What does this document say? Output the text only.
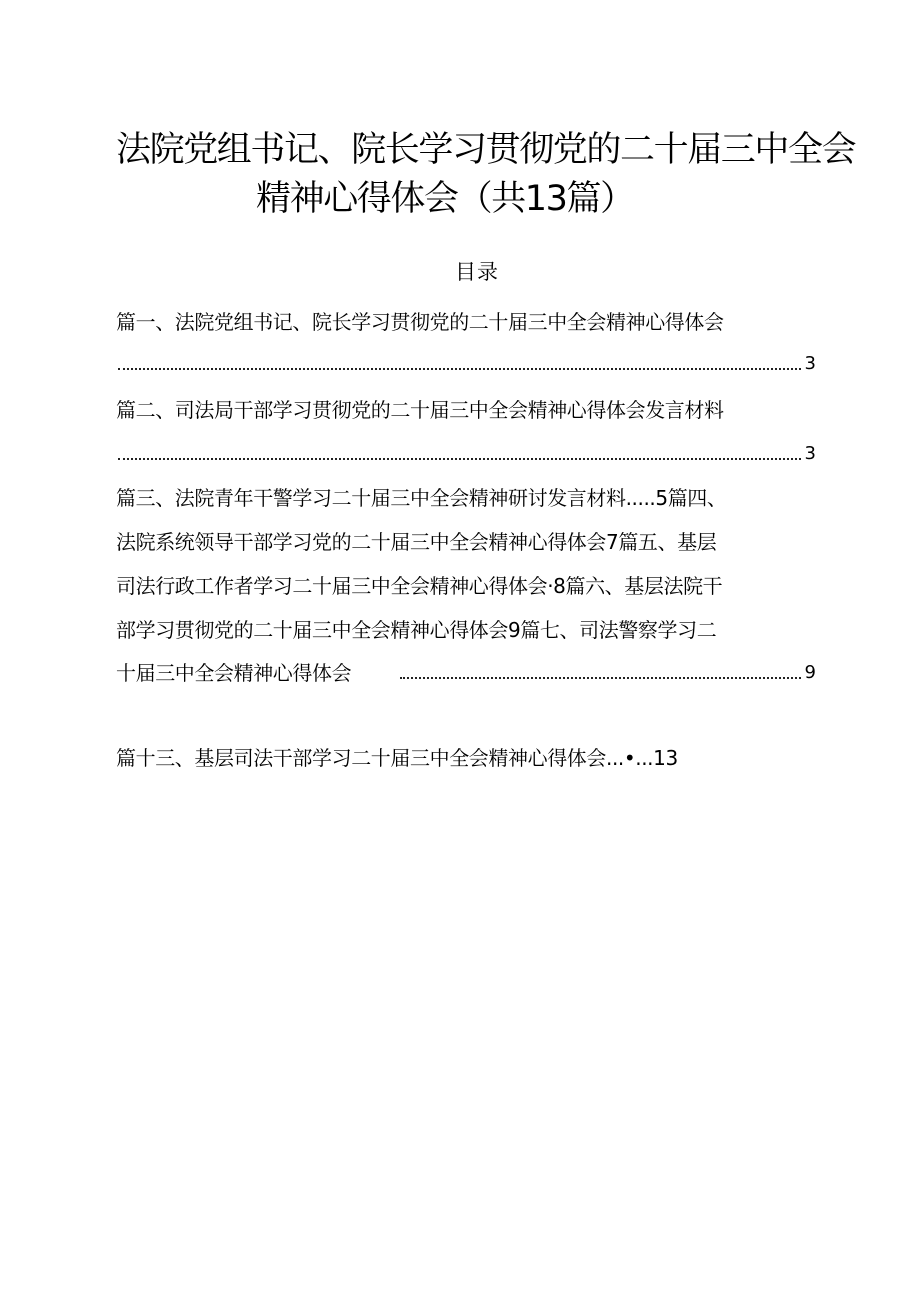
法院党组书记、院长学习贯彻党的二十届三中全会
精神心得体会（共13篇）
目录
篇一、法院党组书记、院长学习贯彻党的二十届三中全会精神心得体会
3
篇二、司法局干部学习贯彻党的二十届三中全会精神心得体会发言材料
3
篇三、法院青年干警学习二十届三中全会精神研讨发言材料.....5篇四、
法院系统领导干部学习党的二十届三中全会精神心得体会7篇五、基层
司法行政工作者学习二十届三中全会精神心得体会·8篇六、基层法院干
部学习贯彻党的二十届三中全会精神心得体会9篇七、司法警察学习二
十届三中全会精神心得体会	9
篇十三、基层司法干部学习二十届三中全会精神心得体会...•...13
